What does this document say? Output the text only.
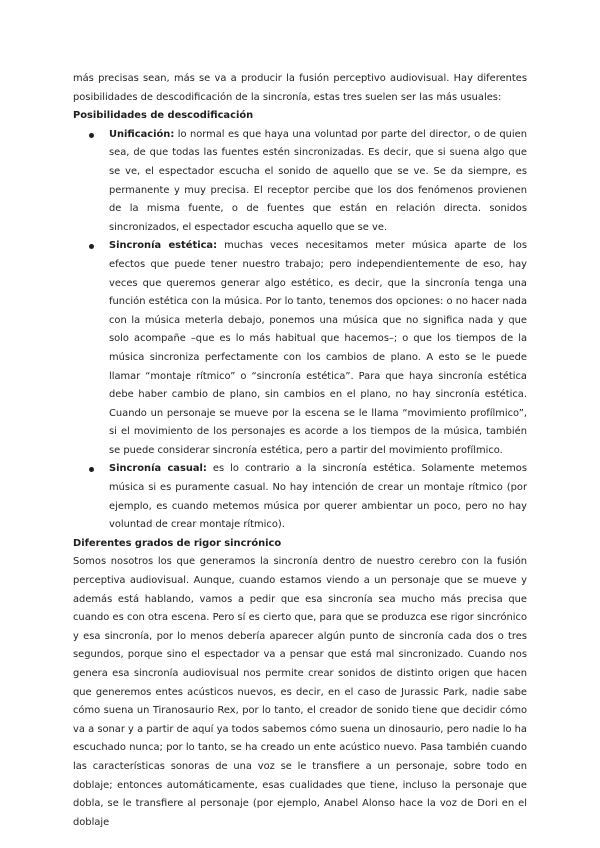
más precisas sean, más se va a producir la fusión perceptivo audiovisual. Hay diferentes posibilidades de descodificación de la sincronía, estas tres suelen ser las más usuales:

Posibilidades de descodificación
Unificación: lo normal es que haya una voluntad por parte del director, o de quien sea, de que todas las fuentes estén sincronizadas. Es decir, que si suena algo que se ve, el espectador escucha el sonido de aquello que se ve. Se da siempre, es permanente y muy precisa. El receptor percibe que los dos fenómenos provienen de la misma fuente, o de fuentes que están en relación directa. sonidos sincronizados, el espectador escucha aquello que se ve.
Sincronía estética: muchas veces necesitamos meter música aparte de los efectos que puede tener nuestro trabajo; pero independientemente de eso, hay veces que queremos generar algo estético, es decir, que la sincronía tenga una función estética con la música. Por lo tanto, tenemos dos opciones: o no hacer nada con la música meterla debajo, ponemos una música que no significa nada y que solo acompañe –que es lo más habitual que hacemos–; o que los tiempos de la música sincroniza perfectamente con los cambios de plano. A esto se le puede llamar “montaje rítmico” o “sincronía estética”. Para que haya sincronía estética debe haber cambio de plano, sin cambios en el plano, no hay sincronía estética. Cuando un personaje se mueve por la escena se le llama “movimiento profílmico”, si el movimiento de los personajes es acorde a los tiempos de la música, también se puede considerar sincronía estética, pero a partir del movimiento profílmico.
Sincronía casual: es lo contrario a la sincronía estética. Solamente metemos música si es puramente casual. No hay intención de crear un montaje rítmico (por ejemplo, es cuando metemos música por querer ambientar un poco, pero no hay voluntad de crear montaje rítmico).
Diferentes grados de rigor sincrónico

Somos nosotros los que generamos la sincronía dentro de nuestro cerebro con la fusión perceptiva audiovisual. Aunque, cuando estamos viendo a un personaje que se mueve y además está hablando, vamos a pedir que esa sincronía sea mucho más precisa que cuando es con otra escena. Pero sí es cierto que, para que se produzca ese rigor sincrónico y esa sincronía, por lo menos debería aparecer algún punto de sincronía cada dos o tres segundos, porque sino el espectador va a pensar que está mal sincronizado. Cuando nos genera esa sincronía audiovisual nos permite crear sonidos de distinto origen que hacen que generemos entes acústicos nuevos, es decir, en el caso de Jurassic Park, nadie sabe cómo suena un Tiranosaurio Rex, por lo tanto, el creador de sonido tiene que decidir cómo va a sonar y a partir de aquí ya todos sabemos cómo suena un dinosaurio, pero nadie lo ha escuchado nunca; por lo tanto, se ha creado un ente acústico nuevo. Pasa también cuando las características sonoras de una voz se le transfiere a un personaje, sobre todo en doblaje; entonces automáticamente, esas cualidades que tiene, incluso la personaje que dobla, se le transfiere al personaje (por ejemplo, Anabel Alonso hace la voz de Dori en el doblaje
